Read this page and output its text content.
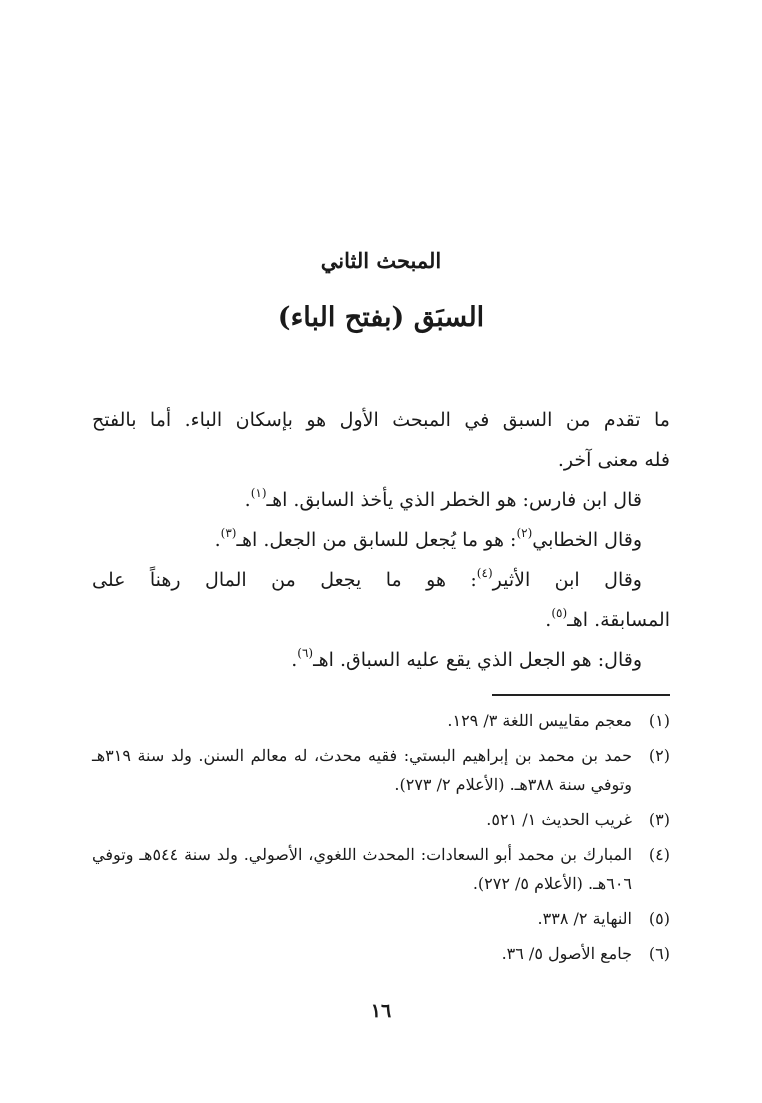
المبحث الثاني
السبَق (بفتح الباء)
ما تقدم من السبق في المبحث الأول هو بإسكان الباء. أما بالفتح
فله معنى آخر.
قال ابن فارس: هو الخطر الذي يأخذ السابق. اهـ$^{(١)}$.
وقال الخطابي$^{(٢)}$: هو ما يُجعل للسابق من الجعل. اهـ$^{(٣)}$.
وقال ابن الأثير$^{(٤)}$: هو ما يجعل من المال رهناً على
المسابقة. اهـ$^{(٥)}$.
وقال: هو الجعل الذي يقع عليه السباق. اهـ$^{(٦)}$.
(١)
معجم مقاييس اللغة ٣/ ١٢٩.
(٢)
حمد بن محمد بن إبراهيم البستي: فقيه محدث، له معالم السنن. ولد سنة ٣١٩هـ وتوفي سنة ٣٨٨هـ. (الأعلام ٢/ ٢٧٣).
(٣)
غريب الحديث ١/ ٥٢١.
(٤)
المبارك بن محمد أبو السعادات: المحدث اللغوي، الأصولي. ولد سنة ٥٤٤هـ وتوفي ٦٠٦هـ. (الأعلام ٥/ ٢٧٢).
(٥)
النهاية ٢/ ٣٣٨.
(٦)
جامع الأصول ٥/ ٣٦.
١٦
